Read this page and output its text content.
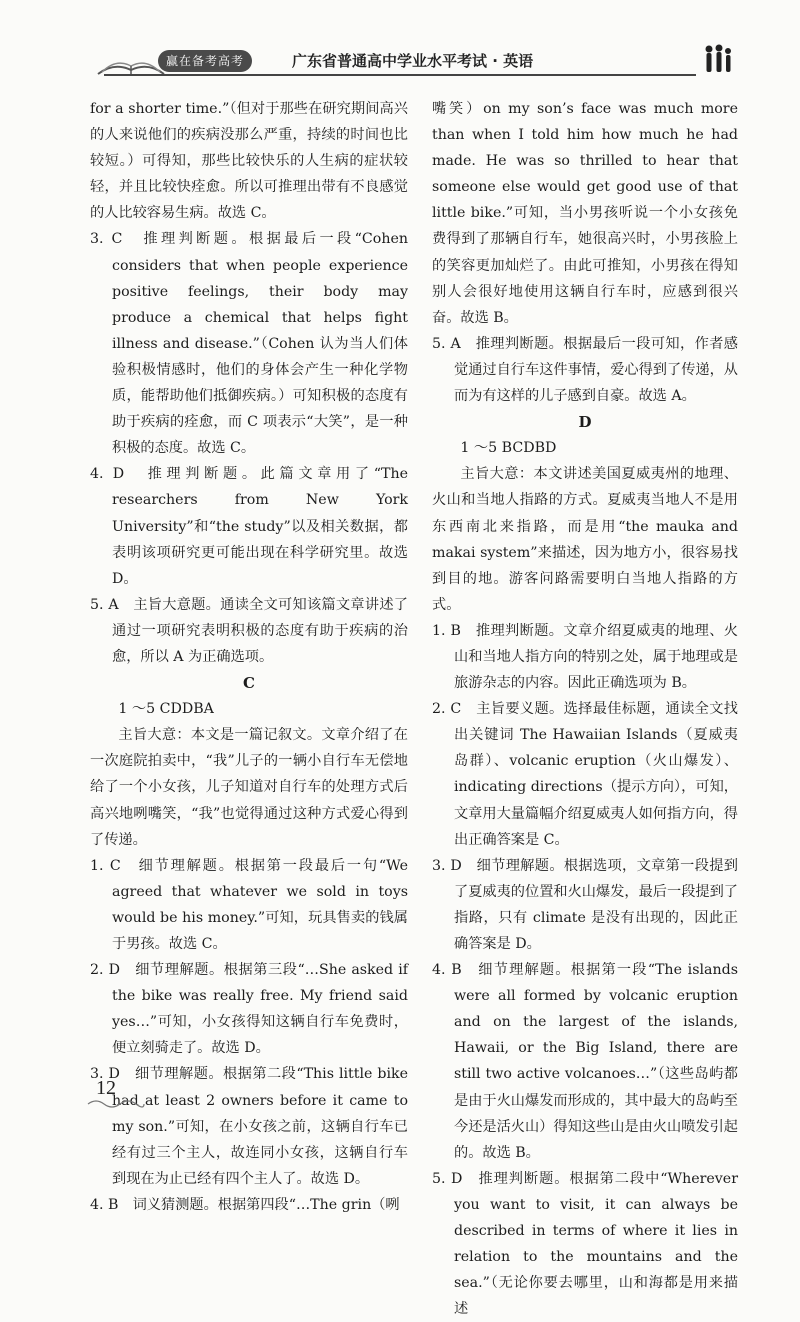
赢在备考高考	广东省普通高中学业水平考试 · 英语
for a shorter time.”（但对于那些在研究期间高兴的人来说他们的疾病没那么严重，持续的时间也比较短。）可得知，那些比较快乐的人生病的症状较轻，并且比较快痊愈。所以可推理出带有不良感觉的人比较容易生病。故选 C。
3. C　推理判断题。根据最后一段“Cohen considers that when people experience positive feelings, their body may produce a chemical that helps fight illness and disease.”（Cohen 认为当人们体验积极情感时，他们的身体会产生一种化学物质，能帮助他们抵御疾病。）可知积极的态度有助于疾病的痊愈，而 C 项表示“大笑”，是一种积极的态度。故选 C。
4. D　推理判断题。此篇文章用了“The researchers from New York University”和“the study”以及相关数据，都表明该项研究更可能出现在科学研究里。故选 D。
5. A　主旨大意题。通读全文可知该篇文章讲述了通过一项研究表明积极的态度有助于疾病的治愈，所以 A 为正确选项。
C
1 ～5 CDDBA
主旨大意：本文是一篇记叙文。文章介绍了在一次庭院拍卖中，“我”儿子的一辆小自行车无偿地给了一个小女孩，儿子知道对自行车的处理方式后高兴地咧嘴笑，“我”也觉得通过这种方式爱心得到了传递。
1. C　细节理解题。根据第一段最后一句“We agreed that whatever we sold in toys would be his money.”可知，玩具售卖的钱属于男孩。故选 C。
2. D　细节理解题。根据第三段“…She asked if the bike was really free. My friend said yes…”可知，小女孩得知这辆自行车免费时，便立刻骑走了。故选 D。
3. D　细节理解题。根据第二段“This little bike had at least 2 owners before it came to my son.”可知，在小女孩之前，这辆自行车已经有过三个主人，故连同小女孩，这辆自行车到现在为止已经有四个主人了。故选 D。
4. B　词义猜测题。根据第四段“…The grin（咧
嘴笑）on my son’s face was much more than when I told him how much he had made. He was so thrilled to hear that someone else would get good use of that little bike.”可知，当小男孩听说一个小女孩免费得到了那辆自行车，她很高兴时，小男孩脸上的笑容更加灿烂了。由此可推知，小男孩在得知别人会很好地使用这辆自行车时，应感到很兴奋。故选 B。
5. A　推理判断题。根据最后一段可知，作者感觉通过自行车这件事情，爱心得到了传递，从而为有这样的儿子感到自豪。故选 A。
D
1 ～5 BCDBD
主旨大意：本文讲述美国夏威夷州的地理、火山和当地人指路的方式。夏威夷当地人不是用东西南北来指路，而是用“the mauka and makai system”来描述，因为地方小，很容易找到目的地。游客问路需要明白当地人指路的方式。
1. B　推理判断题。文章介绍夏威夷的地理、火山和当地人指方向的特别之处，属于地理或是旅游杂志的内容。因此正确选项为 B。
2. C　主旨要义题。选择最佳标题，通读全文找出关键词 The Hawaiian Islands（夏威夷岛群）、volcanic eruption（火山爆发）、indicating directions（提示方向），可知，文章用大量篇幅介绍夏威夷人如何指方向，得出正确答案是 C。
3. D　细节理解题。根据选项，文章第一段提到了夏威夷的位置和火山爆发，最后一段提到了指路，只有 climate 是没有出现的，因此正确答案是 D。
4. B　细节理解题。根据第一段“The islands were all formed by volcanic eruption and on the largest of the islands, Hawaii, or the Big Island, there are still two active volcanoes…”（这些岛屿都是由于火山爆发而形成的，其中最大的岛屿至今还是活火山）得知这些山是由火山喷发引起的。故选 B。
5. D　推理判断题。根据第二段中“Wherever you want to visit, it can always be described in terms of where it lies in relation to the mountains and the sea.”（无论你要去哪里，山和海都是用来描述
12
